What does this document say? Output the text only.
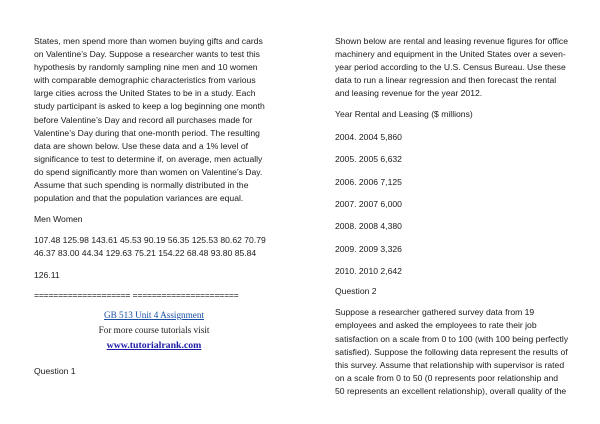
States, men spend more than women buying gifts and cards

on Valentine’s Day. Suppose a researcher wants to test this

hypothesis by randomly sampling nine men and 10 women

with comparable demographic characteristics from various

large cities across the United States to be in a study. Each

study participant is asked to keep a log beginning one month

before Valentine’s Day and record all purchases made for

Valentine’s Day during that one-month period. The resulting

data are shown below. Use these data and a 1% level of

significance to test to determine if, on average, men actually

do spend significantly more than women on Valentine’s Day.

Assume that such spending is normally distributed in the

population and that the population variances are equal.

Men Women

107.48 125.98 143.61 45.53 90.19 56.35 125.53 80.62 70.79

46.37 83.00 44.34 129.63 75.21 154.22 68.48 93.80 85.84

126.11

==================== ======================

GB 513 Unit 4 Assignment
For more course tutorials visit
www.tutorialrank.com
Question 1

Shown below are rental and leasing revenue figures for office

machinery and equipment in the United States over a seven-

year period according to the U.S. Census Bureau. Use these

data to run a linear regression and then forecast the rental

and leasing revenue for the year 2012.

Year Rental and Leasing ($ millions)

2004. 2004 5,860

2005. 2005 6,632

2006. 2006 7,125

2007. 2007 6,000

2008. 2008 4,380

2009. 2009 3,326

2010. 2010 2,642

Question 2

Suppose a researcher gathered survey data from 19

employees and asked the employees to rate their job

satisfaction on a scale from 0 to 100 (with 100 being perfectly

satisfied). Suppose the following data represent the results of

this survey. Assume that relationship with supervisor is rated

on a scale from 0 to 50 (0 represents poor relationship and

50 represents an excellent relationship), overall quality of the
